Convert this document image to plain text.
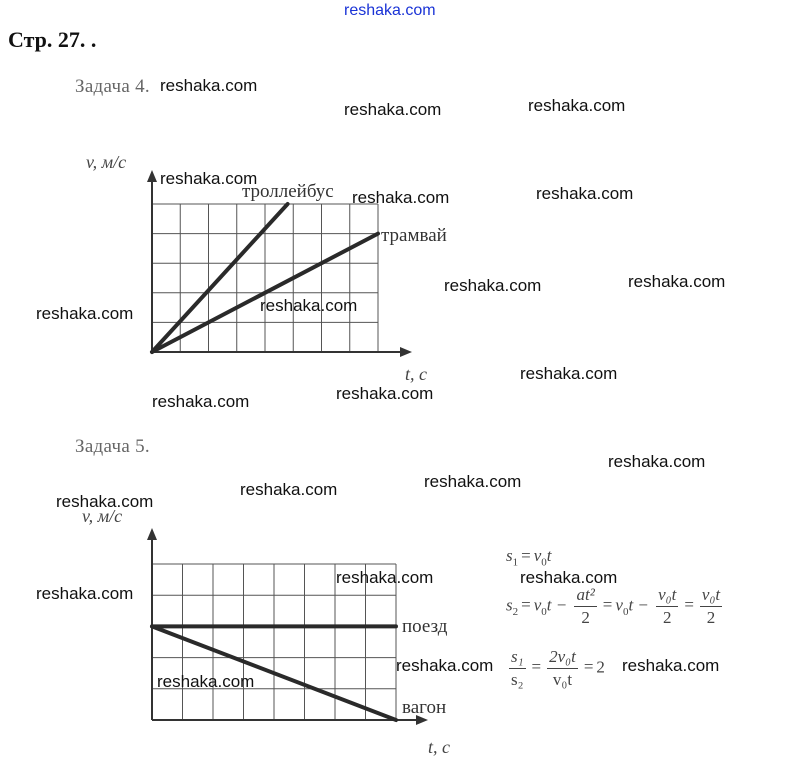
reshaka.com
Стр. 27. .
Задача 4.
Задача 5.
v, м/с
t, с
троллейбус
трамвай
v, м/с
t, с
поезд
вагон
$s_1 = v_0t$
$s_2 = v_0t - \frac{\text{at²}}{2} = v_0t - \frac{\text{v₀t}}{2} = \frac{\text{v₀t}}{2}$
$\frac{\text{s₁}}{\text{s₂}} = \frac{\text{2v₀t}}{\text{v₀t}} = 2$
reshaka.com
reshaka.com	reshaka.com
reshaka.com
reshaka.com	reshaka.com
reshaka.com	reshaka.com
reshaka.com	reshaka.com
reshaka.com
reshaka.com	reshaka.com
reshaka.com
reshaka.com
reshaka.com
reshaka.com
reshaka.com
reshaka.com	reshaka.com
reshaka.com	reshaka.com
reshaka.com
